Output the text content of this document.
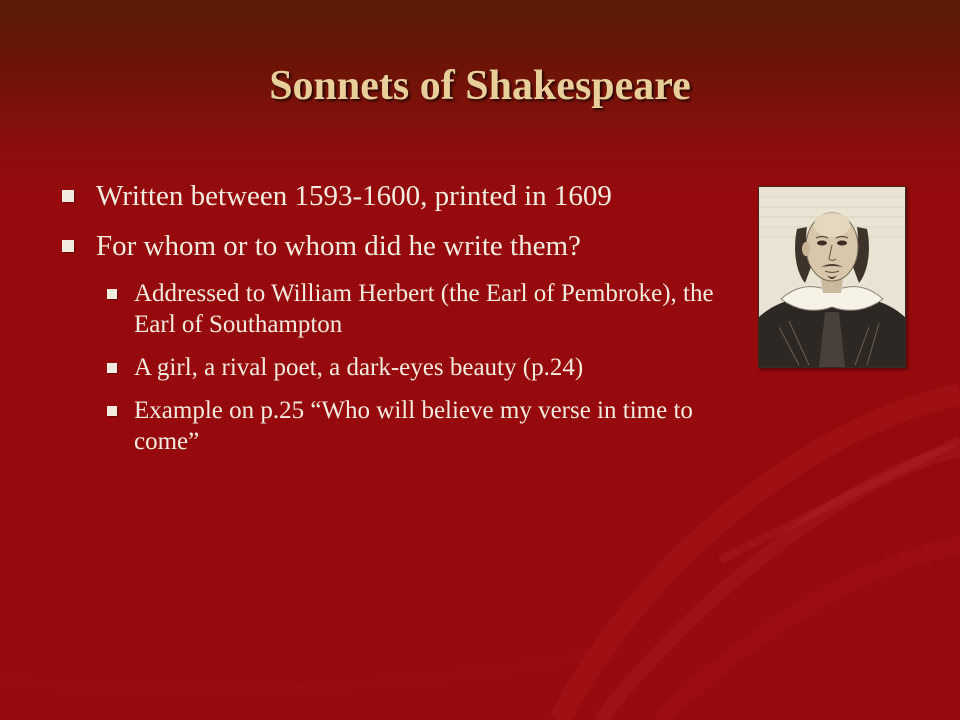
Sonnets of Shakespeare
Written between 1593-1600, printed in 1609
For whom or to whom did he write them?
Addressed to William Herbert (the Earl of Pembroke), the Earl of Southampton
A girl, a rival poet, a dark-eyes beauty (p.24)
Example on p.25 “Who will believe my verse in time to come”
